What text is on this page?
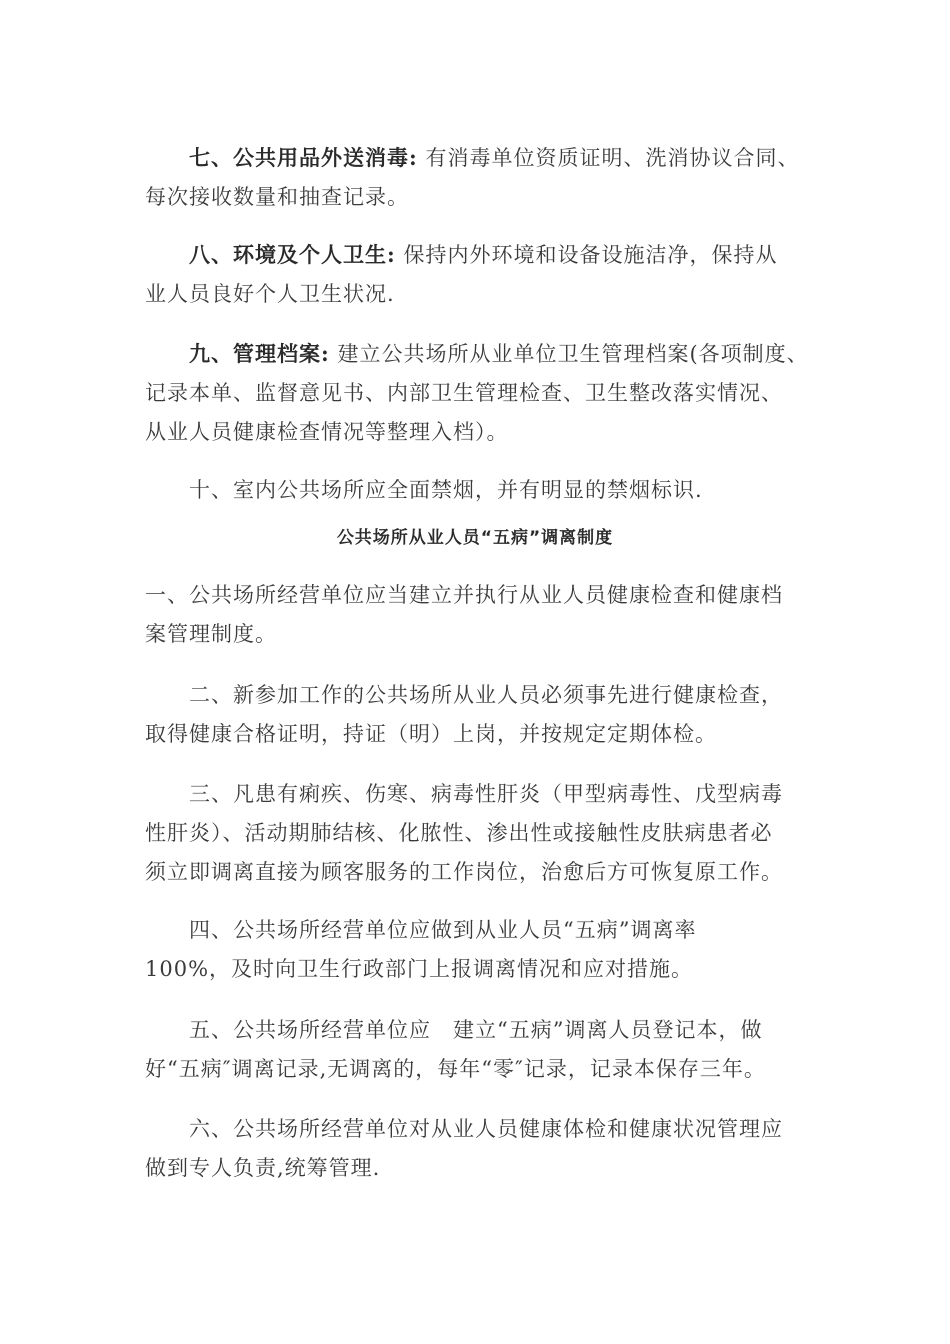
七、公共用品外送消毒: 有消毒单位资质证明、洗消协议合同、
每次接收数量和抽查记录。
八、环境及个人卫生: 保持内外环境和设备设施洁净，保持从
业人员良好个人卫生状况.
九、管理档案: 建立公共场所从业单位卫生管理档案(各项制度、
记录本单、监督意见书、内部卫生管理检查、卫生整改落实情况、
从业人员健康检查情况等整理入档）。
十、室内公共场所应全面禁烟，并有明显的禁烟标识.
公共场所从业人员“五病”调离制度
一、公共场所经营单位应当建立并执行从业人员健康检查和健康档
案管理制度。
二、新参加工作的公共场所从业人员必须事先进行健康检查，
取得健康合格证明，持证（明）上岗，并按规定定期体检。
三、凡患有痢疾、伤寒、病毒性肝炎（甲型病毒性、戊型病毒
性肝炎）、活动期肺结核、化脓性、渗出性或接触性皮肤病患者必
须立即调离直接为顾客服务的工作岗位，治愈后方可恢复原工作。
四、公共场所经营单位应做到从业人员“五病”调离率
100%，及时向卫生行政部门上报调离情况和应对措施。
五、公共场所经营单位应　建立“五病”调离人员登记本，做
好“五病″调离记录,无调离的，每年“零″记录，记录本保存三年。
六、公共场所经营单位对从业人员健康体检和健康状况管理应
做到专人负责,统筹管理.
